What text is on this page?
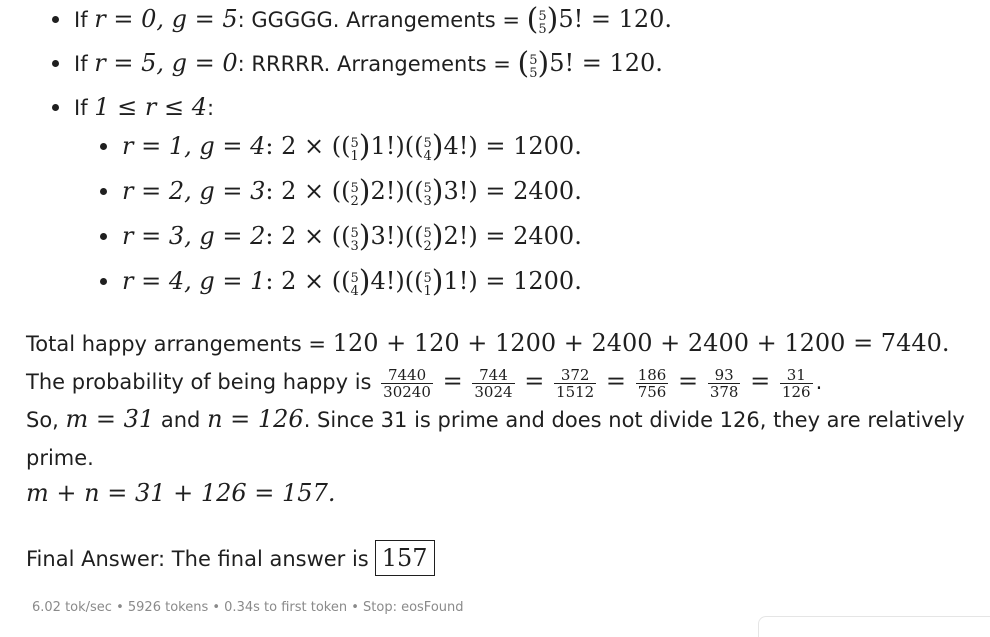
If r = 0, g = 5: GGGGG. Arrangements = (5
5)5! = 120.
If r = 5, g = 0: RRRRR. Arrangements = (5
5)5! = 120.
If 1 ≤ r ≤ 4:
r = 1, g = 4: 2 × ((5
1)1!)((5
4)4!) = 1200.
r = 2, g = 3: 2 × ((5
2)2!)((5
3)3!) = 2400.
r = 3, g = 2: 2 × ((5
3)3!)((5
2)2!) = 2400.
r = 4, g = 1: 2 × ((5
4)4!)((5
1)1!) = 1200.
Total happy arrangements = 120 + 120 + 1200 + 2400 + 2400 + 1200 = 7440.
The probability of being happy is $\frac{7440}{30240} = \frac{744}{3024} = \frac{372}{1512} = \frac{186}{756} = \frac{93}{378} = \frac{31}{126}$ .
So, m = 31 and n = 126. Since 31 is prime and does not divide 126, they are relatively
prime.
m + n = 31 + 126 = 157.
Final Answer: The final answer is 157
6.02 tok/sec • 5926 tokens • 0.34s to first token • Stop: eosFound
